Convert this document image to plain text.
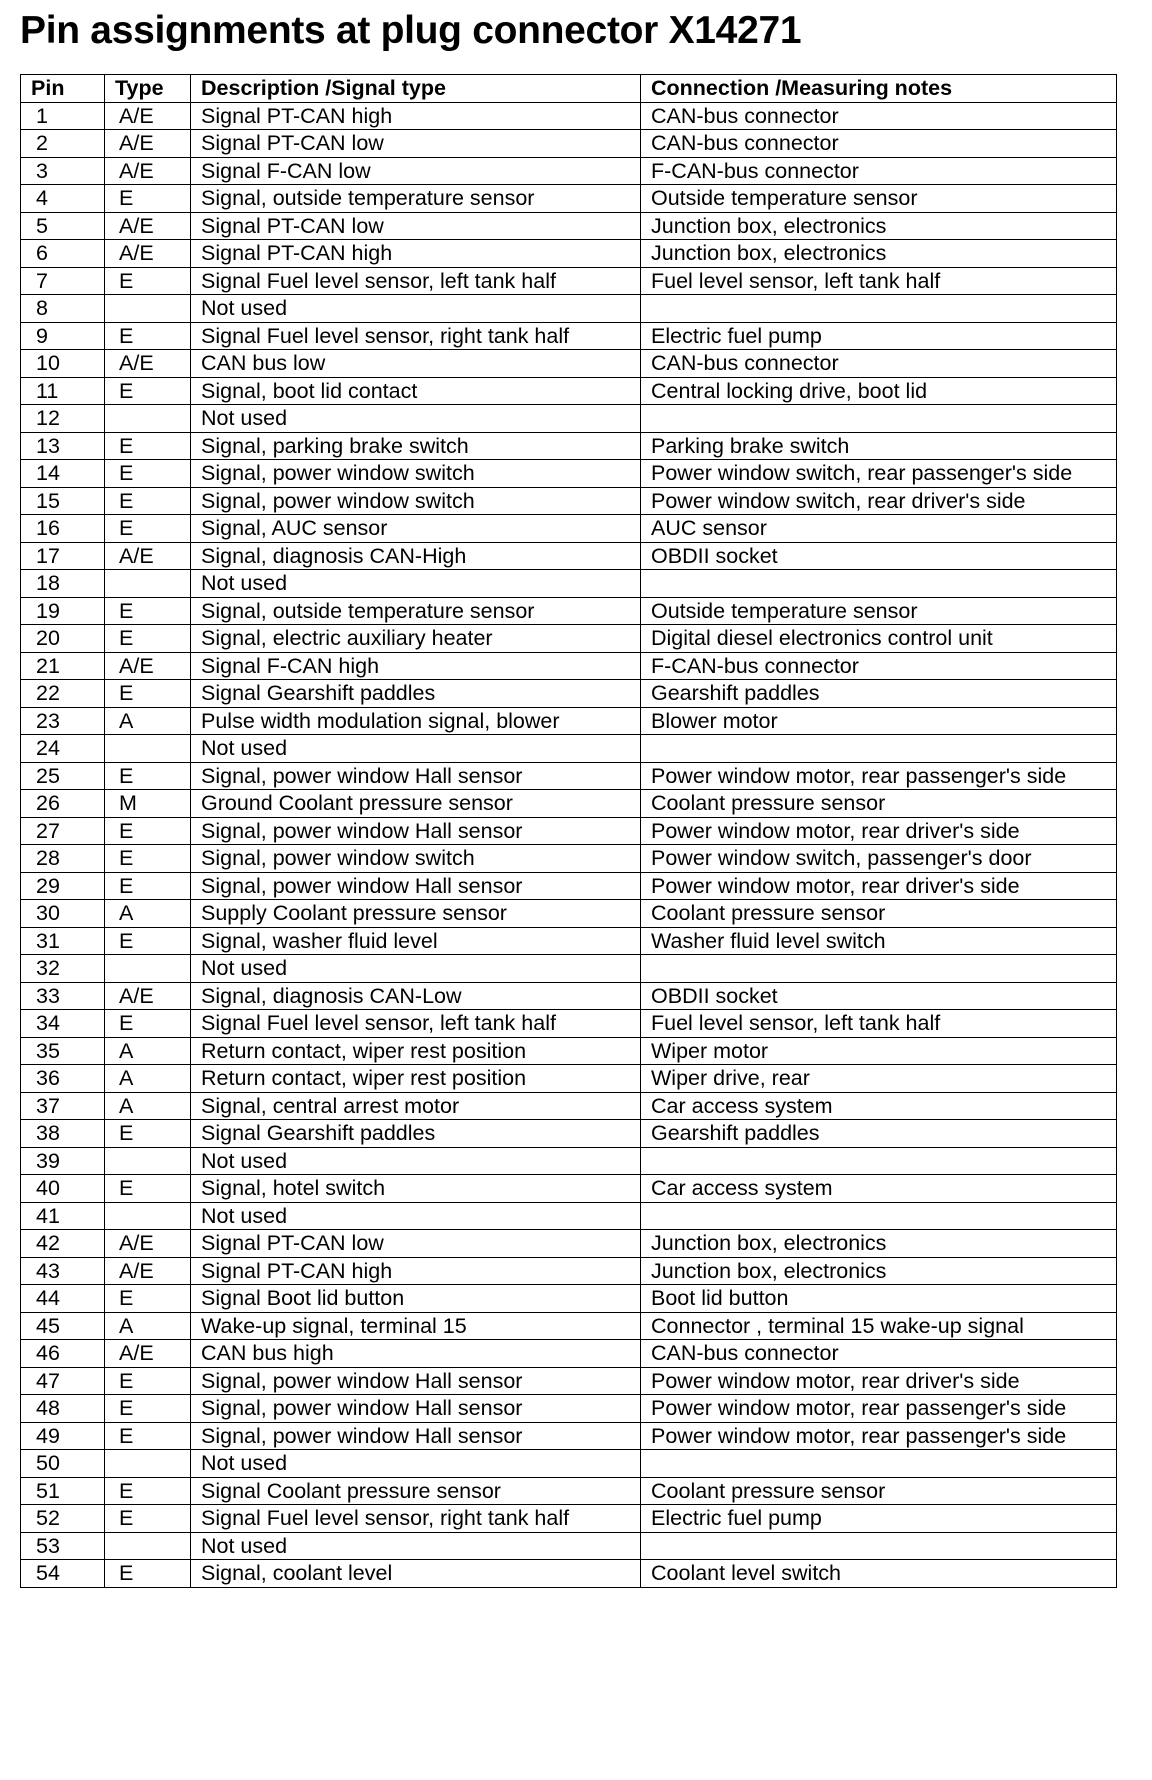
Pin assignments at plug connector X14271
Pin	Type	Description /Signal type	Connection /Measuring notes
1	A/E	Signal PT-CAN high	CAN-bus connector
2	A/E	Signal PT-CAN low	CAN-bus connector
3	A/E	Signal F-CAN low	F-CAN-bus connector
4	E	Signal, outside temperature sensor	Outside temperature sensor
5	A/E	Signal PT-CAN low	Junction box, electronics
6	A/E	Signal PT-CAN high	Junction box, electronics
7	E	Signal Fuel level sensor, left tank half	Fuel level sensor, left tank half
8		Not used	
9	E	Signal Fuel level sensor, right tank half	Electric fuel pump
10	A/E	CAN bus low	CAN-bus connector
11	E	Signal, boot lid contact	Central locking drive, boot lid
12		Not used	
13	E	Signal, parking brake switch	Parking brake switch
14	E	Signal, power window switch	Power window switch, rear passenger's side
15	E	Signal, power window switch	Power window switch, rear driver's side
16	E	Signal, AUC sensor	AUC sensor
17	A/E	Signal, diagnosis CAN-High	OBDII socket
18		Not used	
19	E	Signal, outside temperature sensor	Outside temperature sensor
20	E	Signal, electric auxiliary heater	Digital diesel electronics control unit
21	A/E	Signal F-CAN high	F-CAN-bus connector
22	E	Signal Gearshift paddles	Gearshift paddles
23	A	Pulse width modulation signal, blower	Blower motor
24		Not used	
25	E	Signal, power window Hall sensor	Power window motor, rear passenger's side
26	M	Ground Coolant pressure sensor	Coolant pressure sensor
27	E	Signal, power window Hall sensor	Power window motor, rear driver's side
28	E	Signal, power window switch	Power window switch, passenger's door
29	E	Signal, power window Hall sensor	Power window motor, rear driver's side
30	A	Supply Coolant pressure sensor	Coolant pressure sensor
31	E	Signal, washer fluid level	Washer fluid level switch
32		Not used	
33	A/E	Signal, diagnosis CAN-Low	OBDII socket
34	E	Signal Fuel level sensor, left tank half	Fuel level sensor, left tank half
35	A	Return contact, wiper rest position	Wiper motor
36	A	Return contact, wiper rest position	Wiper drive, rear
37	A	Signal, central arrest motor	Car access system
38	E	Signal Gearshift paddles	Gearshift paddles
39		Not used	
40	E	Signal, hotel switch	Car access system
41		Not used	
42	A/E	Signal PT-CAN low	Junction box, electronics
43	A/E	Signal PT-CAN high	Junction box, electronics
44	E	Signal Boot lid button	Boot lid button
45	A	Wake-up signal, terminal 15	Connector , terminal 15 wake-up signal
46	A/E	CAN bus high	CAN-bus connector
47	E	Signal, power window Hall sensor	Power window motor, rear driver's side
48	E	Signal, power window Hall sensor	Power window motor, rear passenger's side
49	E	Signal, power window Hall sensor	Power window motor, rear passenger's side
50		Not used	
51	E	Signal Coolant pressure sensor	Coolant pressure sensor
52	E	Signal Fuel level sensor, right tank half	Electric fuel pump
53		Not used	
54	E	Signal, coolant level	Coolant level switch
